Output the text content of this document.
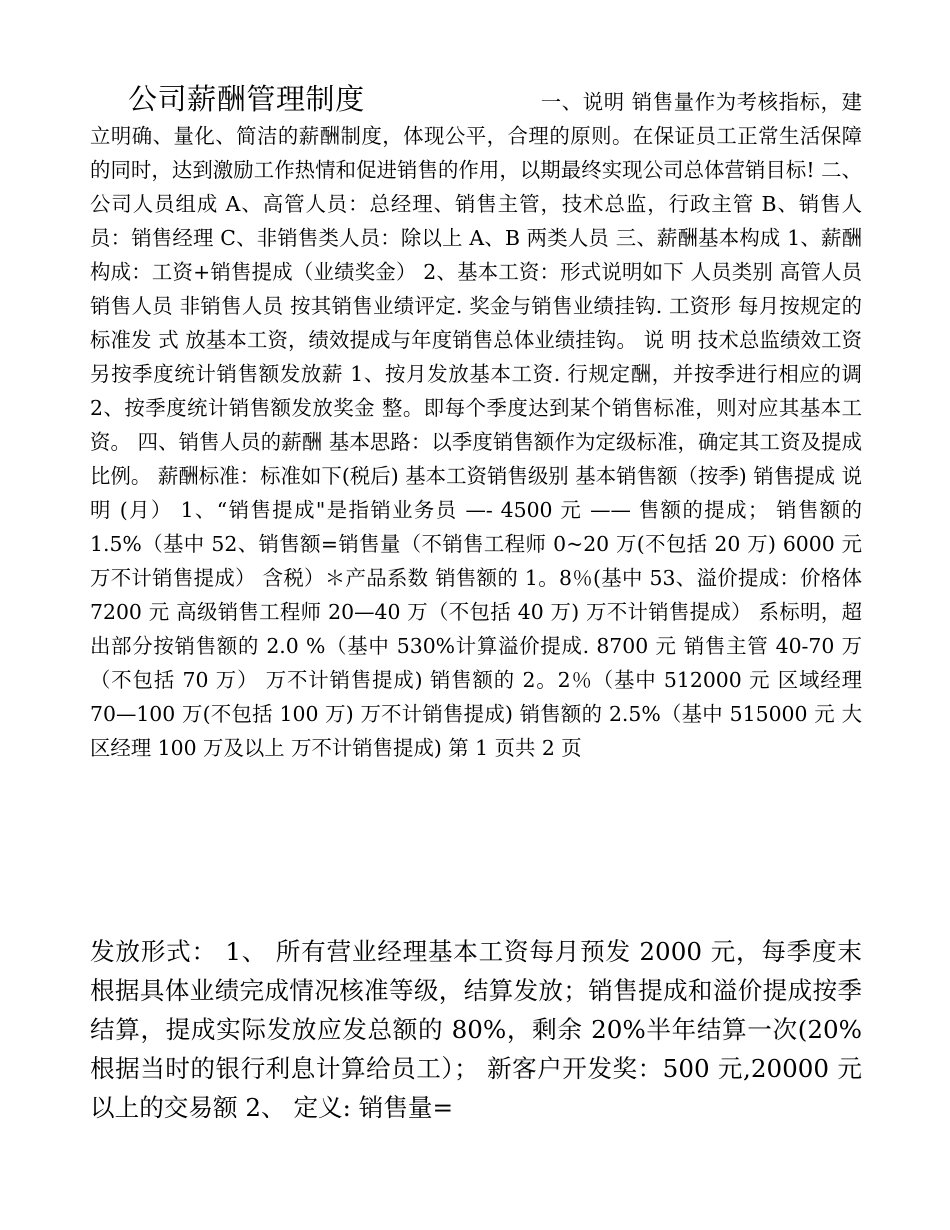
公司薪酬管理制度	一、说明 销售量作为考核指标，建立明确、量化、简洁的薪酬制度，体现公平，合理的原则。在保证员工正常生活保障的同时，达到激励工作热情和促进销售的作用，以期最终实现公司总体营销目标! 二、公司人员组成 A、高管人员：总经理、销售主管，技术总监，行政主管 B、销售人员：销售经理 C、非销售类人员：除以上 A、B 两类人员 三、薪酬基本构成 1、薪酬构成：工资+销售提成（业绩奖金） 2、基本工资：形式说明如下 人员类别 高管人员 销售人员 非销售人员 按其销售业绩评定. 奖金与销售业绩挂钩. 工资形 每月按规定的标准发 式 放基本工资，绩效提成与年度销售总体业绩挂钩。 说 明 技术总监绩效工资另按季度统计销售额发放薪 1、按月发放基本工资. 行规定酬，并按季进行相应的调 2、按季度统计销售额发放奖金 整。即每个季度达到某个销售标准，则对应其基本工资。 四、销售人员的薪酬 基本思路：以季度销售额作为定级标准，确定其工资及提成比例。 薪酬标准：标准如下(税后) 基本工资销售级别 基本销售额（按季) 销售提成 说明 (月） 1、“销售提成"是指销业务员 —- 4500 元 —— 售额的提成； 销售额的 1.5%（基中 52、销售额=销售量（不销售工程师 0~20 万(不包括 20 万) 6000 元 万不计销售提成） 含税）＊产品系数 销售额的 1。8％(基中 53、溢价提成：价格体 7200 元 高级销售工程师 20—40 万（不包括 40 万) 万不计销售提成） 系标明，超出部分按销售额的 2.0 %（基中 530%计算溢价提成. 8700 元 销售主管 40-70 万（不包括 70 万） 万不计销售提成) 销售额的 2。2％（基中 512000 元 区域经理 70—100 万(不包括 100 万) 万不计销售提成) 销售额的 2.5%（基中 515000 元 大区经理 100 万及以上 万不计销售提成) 第 1 页共 2 页
发放形式： 1、 所有营业经理基本工资每月预发 2000 元，每季度末根据具体业绩完成情况核准等级，结算发放；销售提成和溢价提成按季结算，提成实际发放应发总额的 80%，剩余 20%半年结算一次(20%根据当时的银行利息计算给员工）； 新客户开发奖：500 元,20000 元以上的交易额 2、 定义: 销售量=
